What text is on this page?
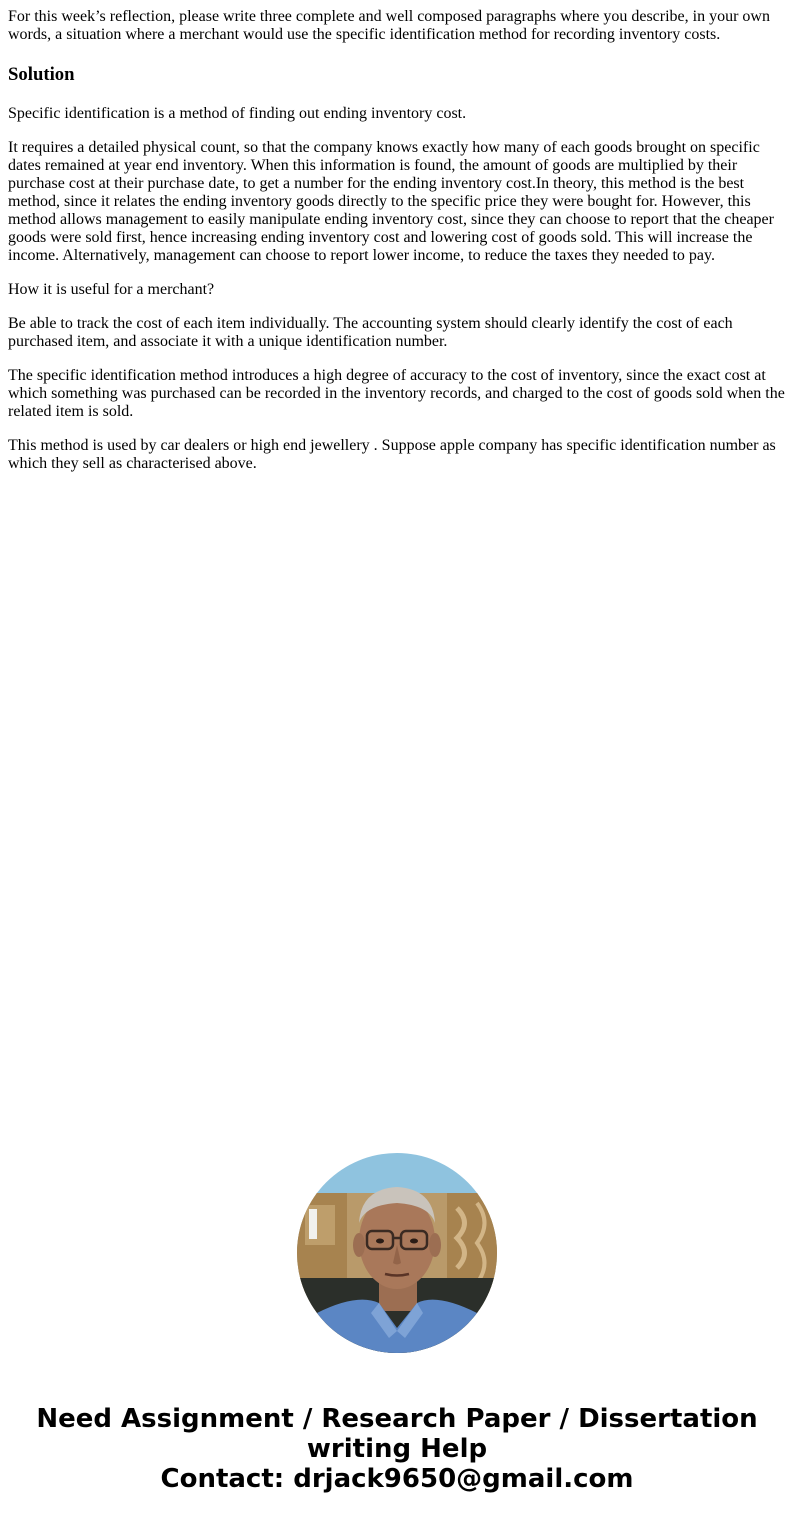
For this week’s reflection, please write three complete and well composed paragraphs where you describe, in your own words, a situation where a merchant would use the specific identification method for recording inventory costs.
Solution
Specific identification is a method of finding out ending inventory cost.
It requires a detailed physical count, so that the company knows exactly how many of each goods brought on specific dates remained at year end inventory. When this information is found, the amount of goods are multiplied by their purchase cost at their purchase date, to get a number for the ending inventory cost.In theory, this method is the best method, since it relates the ending inventory goods directly to the specific price they were bought for. However, this method allows management to easily manipulate ending inventory cost, since they can choose to report that the cheaper goods were sold first, hence increasing ending inventory cost and lowering cost of goods sold. This will increase the income. Alternatively, management can choose to report lower income, to reduce the taxes they needed to pay.
How it is useful for a merchant?
Be able to track the cost of each item individually. The accounting system should clearly identify the cost of each purchased item, and associate it with a unique identification number.
The specific identification method introduces a high degree of accuracy to the cost of inventory, since the exact cost at which something was purchased can be recorded in the inventory records, and charged to the cost of goods sold when the related item is sold.
This method is used by car dealers or high end jewellery . Suppose apple company has specific identification number as which they sell as characterised above.
Need Assignment / Research Paper / Dissertation
writing Help
Contact: drjack9650@gmail.com
